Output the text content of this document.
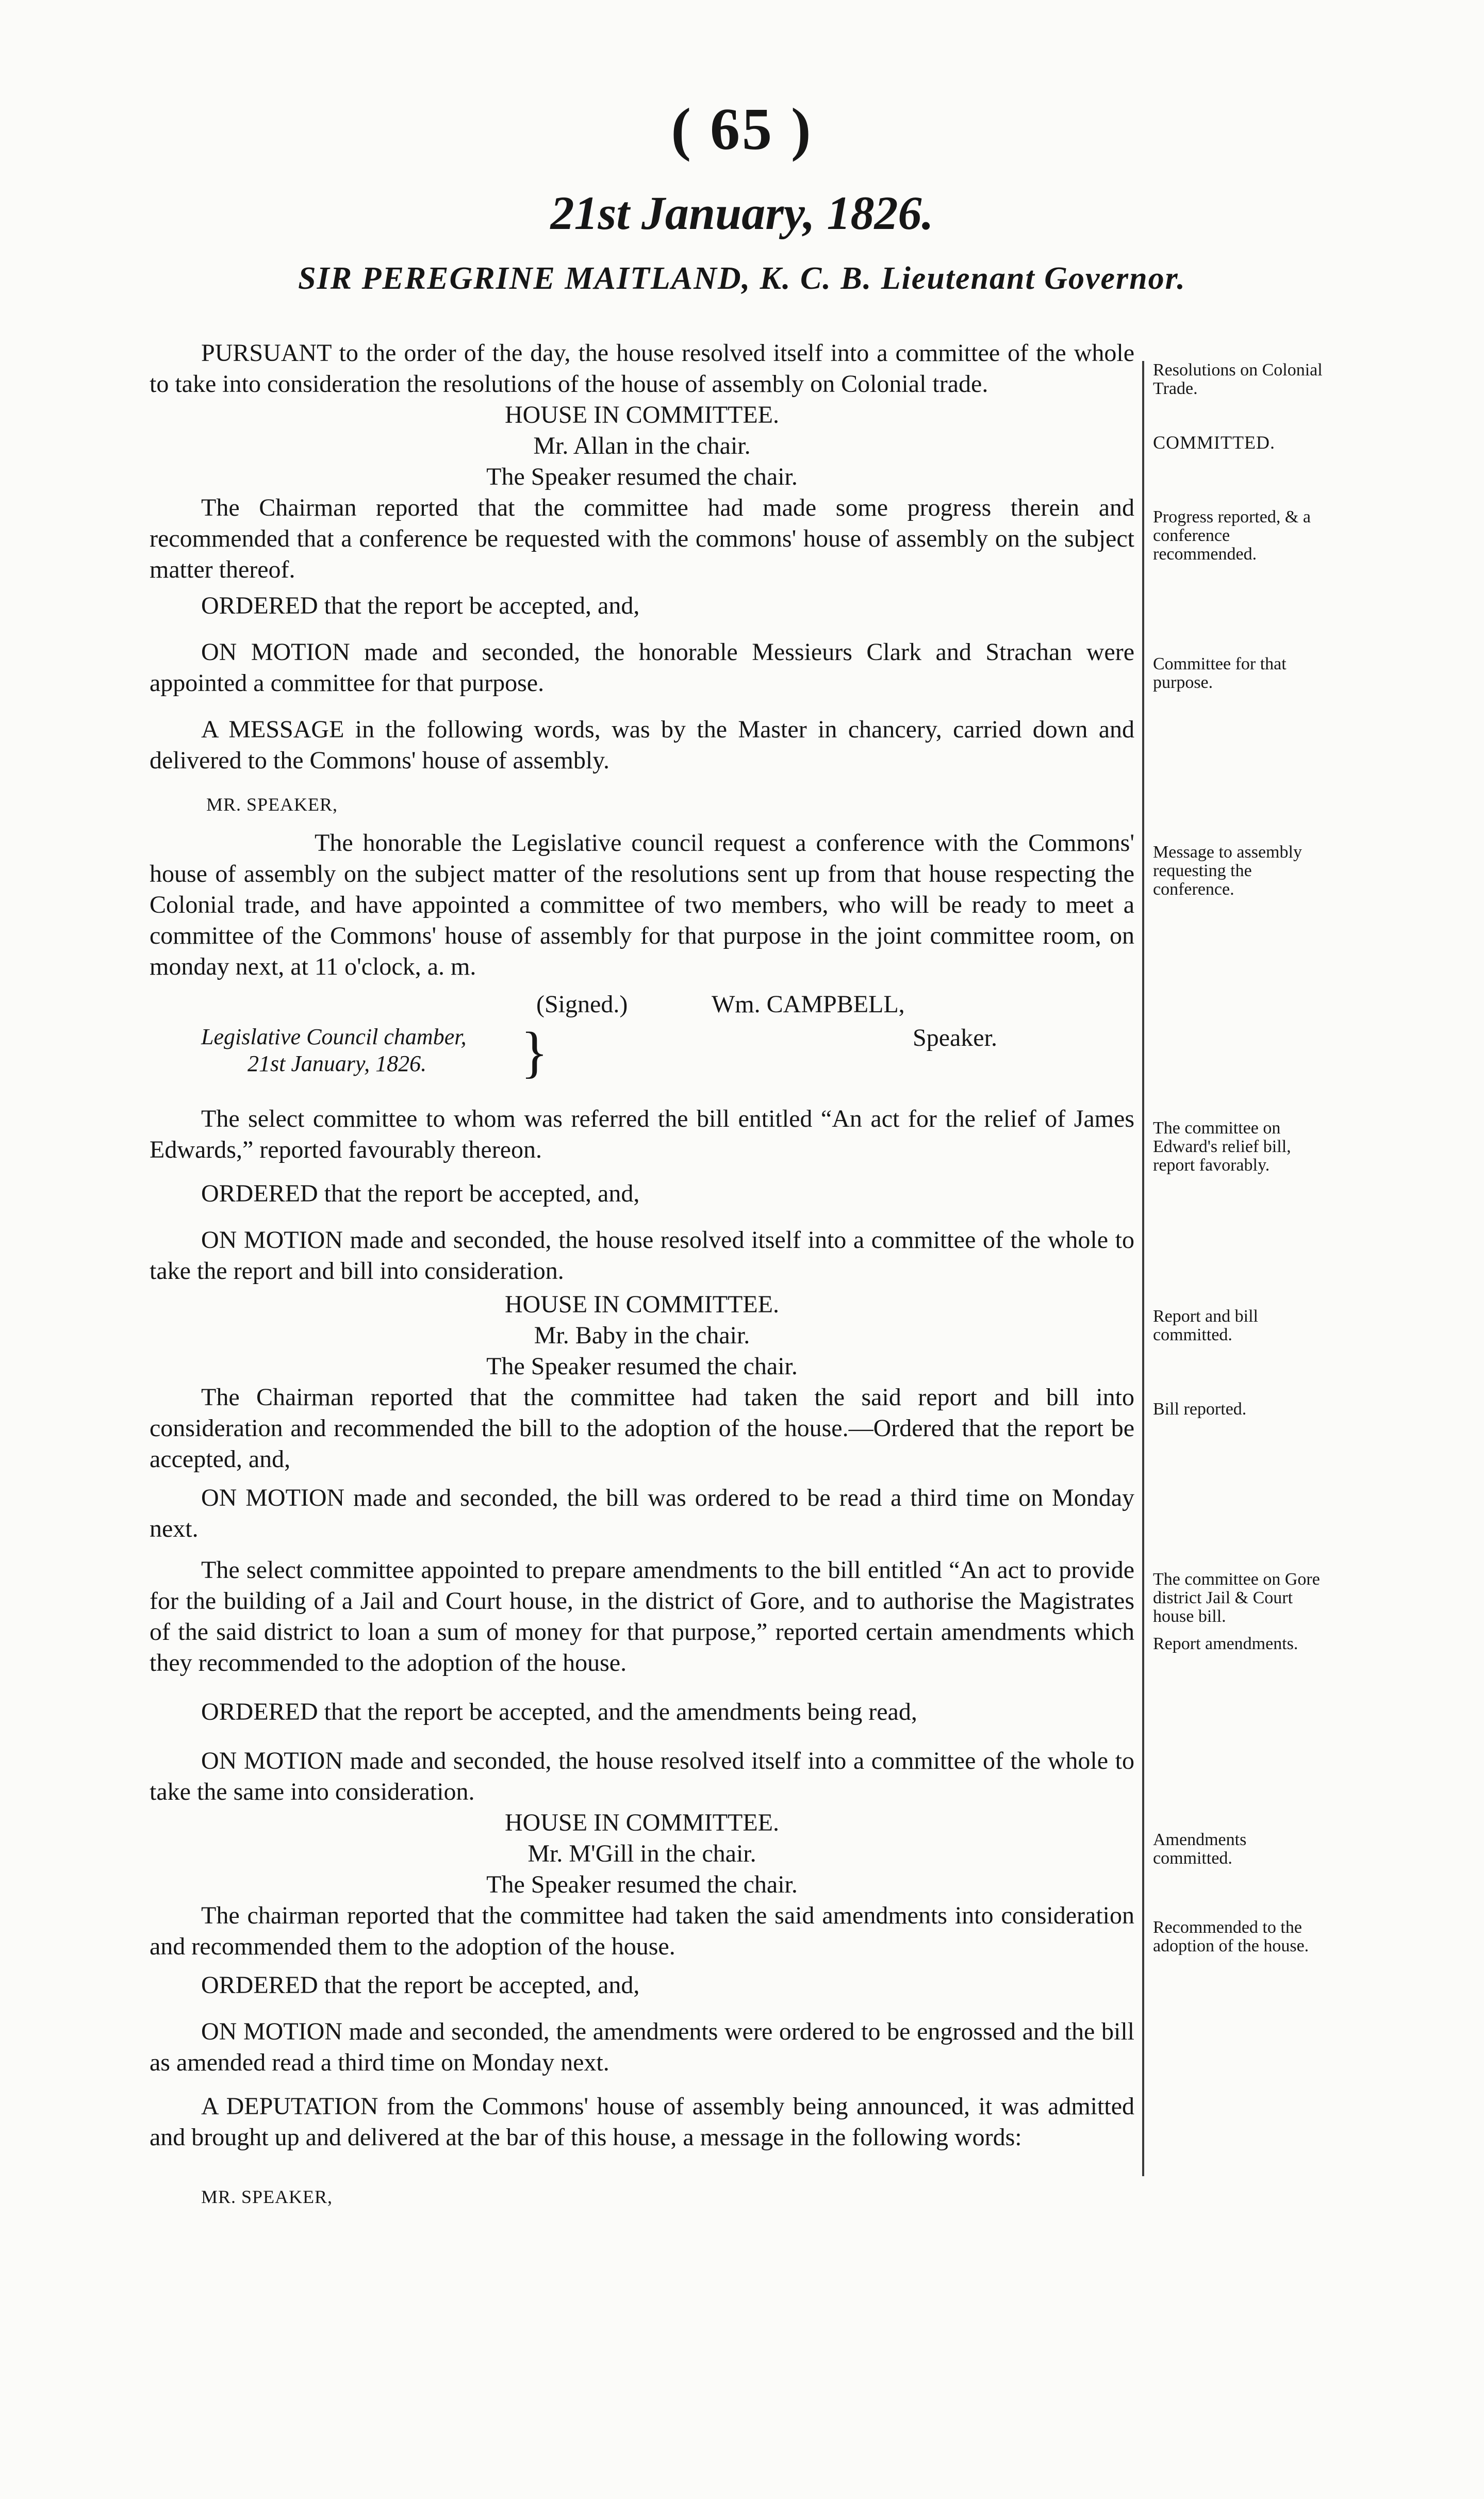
( 65 )
21st January, 1826.
SIR PEREGRINE MAITLAND, K. C. B. Lieutenant Governor.
PURSUANT to the order of the day, the house resolved itself into a committee of the whole to take into consideration the resolutions of the house of assembly on Colonial trade.
HOUSE IN COMMITTEE.
Mr. Allan in the chair.
The Speaker resumed the chair.
The Chairman reported that the committee had made some progress therein and recommended that a conference be requested with the commons' house of assembly on the subject matter thereof.
ORDERED that the report be accepted, and,
ON MOTION made and seconded, the honorable Messieurs Clark and Strachan were appointed a committee for that purpose.
A MESSAGE in the following words, was by the Master in chancery, carried down and delivered to the Commons' house of assembly.
MR. SPEAKER,
The honorable the Legislative council request a conference with the Commons' house of assembly on the subject matter of the resolutions sent up from that house respecting the Colonial trade, and have appointed a committee of two members, who will be ready to meet a committee of the Commons' house of assembly for that purpose in the joint committee room, on monday next, at 11 o'clock, a. m.
(Signed.)	Wm. CAMPBELL,
Speaker.
Legislative Council chamber,
21st January, 1826. }
The select committee to whom was referred the bill entitled “An act for the relief of James Edwards,” reported favourably thereon.
ORDERED that the report be accepted, and,
ON MOTION made and seconded, the house resolved itself into a committee of the whole to take the report and bill into consideration.
HOUSE IN COMMITTEE.
Mr. Baby in the chair.
The Speaker resumed the chair.
The Chairman reported that the committee had taken the said report and bill into consideration and recommended the bill to the adoption of the house.—Ordered that the report be accepted, and,
ON MOTION made and seconded, the bill was ordered to be read a third time on Monday next.
The select committee appointed to prepare amendments to the bill entitled “An act to provide for the building of a Jail and Court house, in the district of Gore, and to authorise the Magistrates of the said district to loan a sum of money for that purpose,” reported certain amendments which they recommended to the adoption of the house.
ORDERED that the report be accepted, and the amendments being read,
ON MOTION made and seconded, the house resolved itself into a committee of the whole to take the same into consideration.
HOUSE IN COMMITTEE.
Mr. M'Gill in the chair.
The Speaker resumed the chair.
The chairman reported that the committee had taken the said amendments into consideration and recommended them to the adoption of the house.
ORDERED that the report be accepted, and,
ON MOTION made and seconded, the amendments were ordered to be engrossed and the bill as amended read a third time on Monday next.
A DEPUTATION from the Commons' house of assembly being announced, it was admitted and brought up and delivered at the bar of this house, a message in the following words:
MR. SPEAKER,
Resolutions on Colonial Trade.
COMMITTED.
Progress reported, & a conference recommended.
Committee for that purpose.
Message to assembly requesting the conference.
The committee on Edward's relief bill, report favorably.
Report and bill committed.
Bill reported.
The committee on Gore district Jail & Court house bill.
Report amendments.
Amendments committed.
Recommended to the adoption of the house.
